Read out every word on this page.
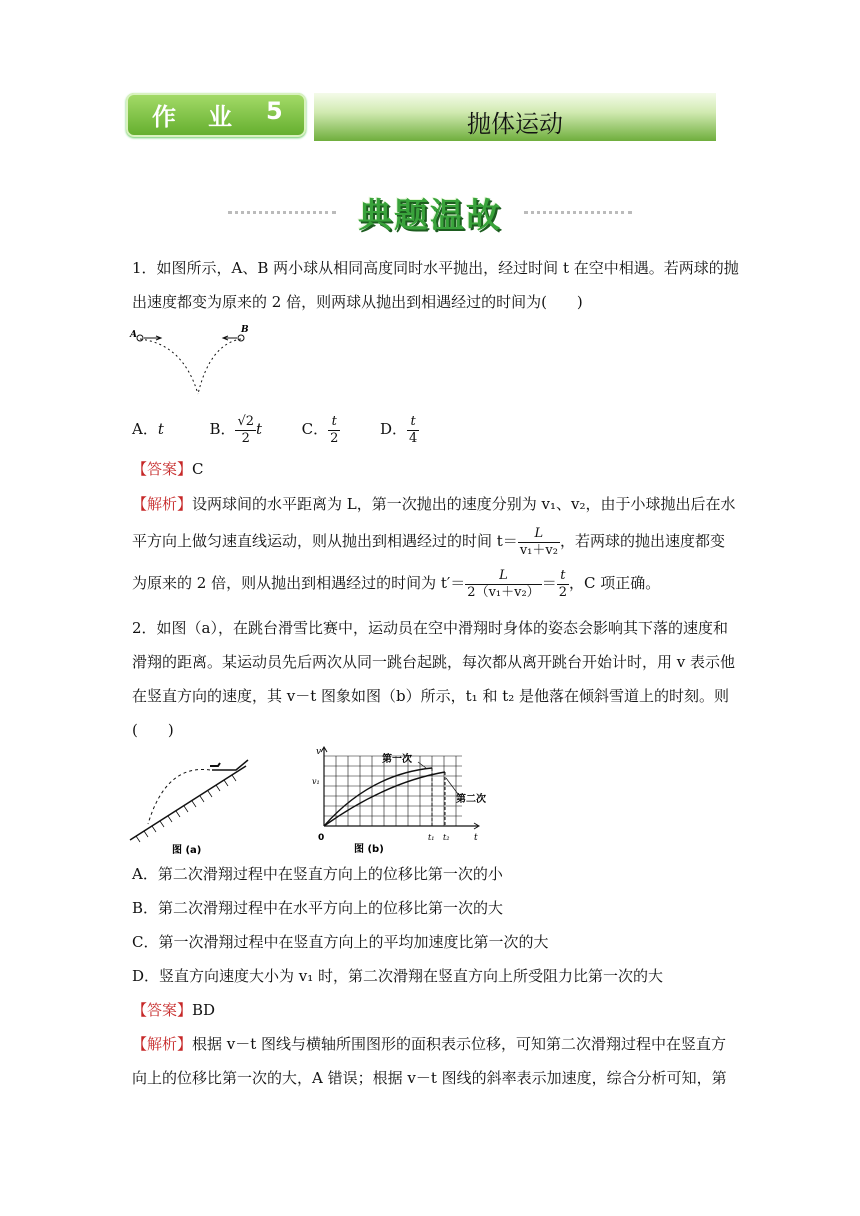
作 业 5	抛体运动
典题温故
1．如图所示，A、B 两小球从相同高度同时水平抛出，经过时间 t 在空中相遇。若两球的抛
出速度都变为原来的 2 倍，则两球从抛出到相遇经过的时间为(　　)
A	B
A．t	B． $\frac{√2}{2}$ t	C． $\frac{t}{2}$	D． $\frac{t}{4}$
【答案】C
【解析】设两球间的水平距离为 L，第一次抛出的速度分别为 v₁、v₂，由于小球抛出后在水
平方向上做匀速直线运动，则从抛出到相遇经过的时间 $t= \frac{L}{\text{v₁＋v₂}}$ ，若两球的抛出速度都变
为原来的 2 倍，则从抛出到相遇经过的时间为 $t'= \frac{L}{\text{2（v₁＋v₂）}} = \frac{t}{2}$ ，C 项正确。
2．如图（a），在跳台滑雪比赛中，运动员在空中滑翔时身体的姿态会影响其下落的速度和
滑翔的距离。某运动员先后两次从同一跳台起跳，每次都从离开跳台开始计时，用 v 表示他
在竖直方向的速度，其 v－t 图象如图（b）所示，t₁ 和 t₂ 是他落在倾斜雪道上的时刻。则
(　　)
图 (a)
v
v₁
0	t
t₁ t₂
第一次
第二次
图 (b)
A．第二次滑翔过程中在竖直方向上的位移比第一次的小
B．第二次滑翔过程中在水平方向上的位移比第一次的大
C．第一次滑翔过程中在竖直方向上的平均加速度比第一次的大
D．竖直方向速度大小为 v₁ 时，第二次滑翔在竖直方向上所受阻力比第一次的大
【答案】BD
【解析】根据 v－t 图线与横轴所围图形的面积表示位移，可知第二次滑翔过程中在竖直方
向上的位移比第一次的大，A 错误；根据 v－t 图线的斜率表示加速度，综合分析可知，第
